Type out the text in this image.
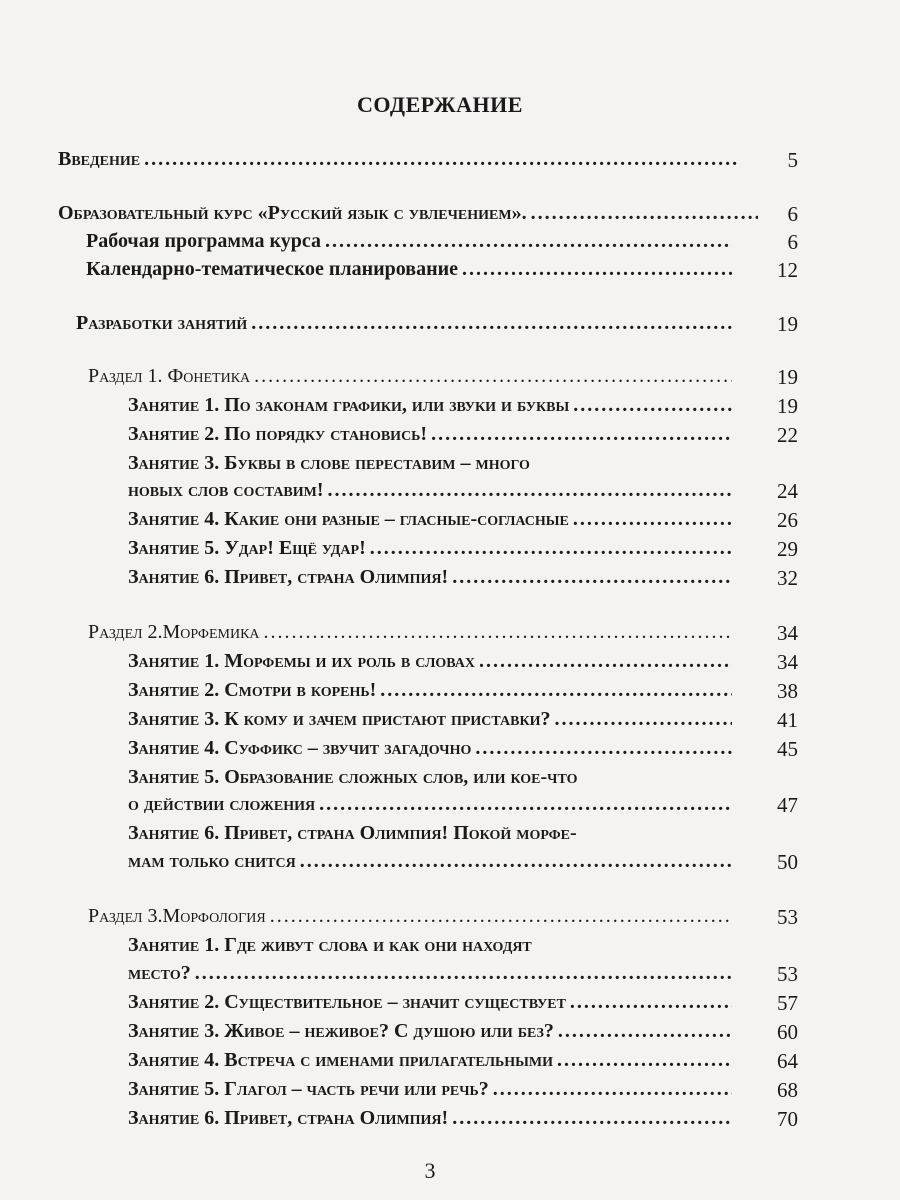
СОДЕРЖАНИЕ
Введение .....	5
Образовательный курс «Русский язык с увлечением». .....	6
Рабочая программа курса .....	6
Календарно-тематическое планирование .....	12
Разработки занятий .....	19
Раздел 1. Фонетика .....	19
Занятие 1. По законам графики, или звуки и буквы .....	19
Занятие 2. По порядку становись! .....	22
Занятие 3. Буквы в слове переставим – много
новых слов составим! .....	24
Занятие 4. Какие они разные – гласные-согласные .....	26
Занятие 5. Удар! Ещё удар! .....	29
Занятие 6. Привет, страна Олимпия! .....	32
Раздел 2.Морфемика .....	34
Занятие 1. Морфемы и их роль в словах .....	34
Занятие 2. Смотри в корень! .....	38
Занятие 3. К кому и зачем пристают приставки? .....	41
Занятие 4. Суффикс – звучит загадочно .....	45
Занятие 5. Образование сложных слов, или кое-что
о действии сложения .....	47
Занятие 6. Привет, страна Олимпия! Покой морфе-
мам только снится .....	50
Раздел 3.Морфология .....	53
Занятие 1. Где живут слова и как они находят
место? .....	53
Занятие 2. Существительное – значит существует .....	57
Занятие 3. Живое – неживое? С душою или без? .....	60
Занятие 4. Встреча с именами прилагательными .....	64
Занятие 5. Глагол – часть речи или речь? .....	68
Занятие 6. Привет, страна Олимпия! .....	70
3
